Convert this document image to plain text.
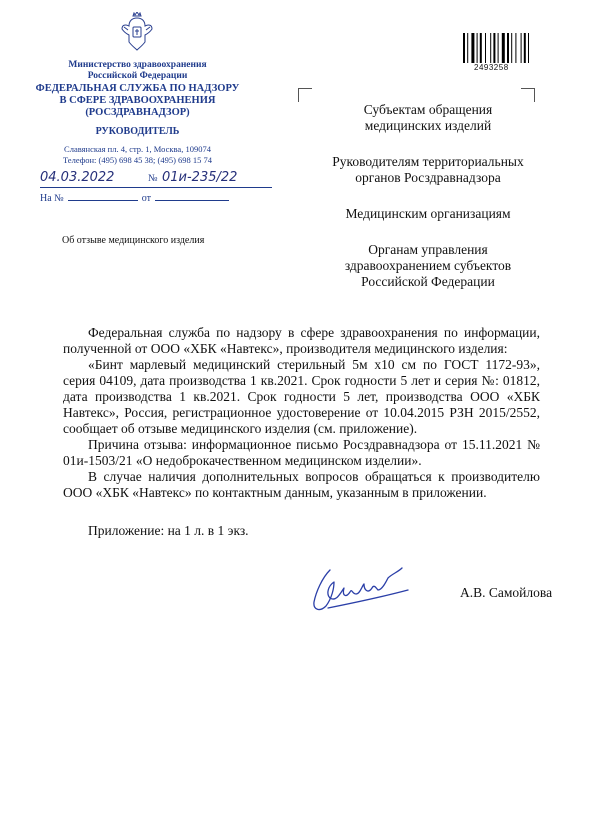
Министерство здравоохранения
Российской Федерации
ФЕДЕРАЛЬНАЯ СЛУЖБА ПО НАДЗОРУ
В СФЕРЕ ЗДРАВООХРАНЕНИЯ
(РОСЗДРАВНАДЗОР)
РУКОВОДИТЕЛЬ
Славянская пл. 4, стр. 1, Москва, 109074
Телефон: (495) 698 45 38; (495) 698 15 74
04.03.2022	№ 01и-235/22
На №	от
Об отзыве медицинского изделия
Субъектам обращения
медицинских изделий
Руководителям территориальных
органов Росздравнадзора
Медицинским организациям
Органам управления
здравоохранением субъектов
Российской Федерации
2493258

Федеральная служба по надзору в сфере здравоохранения по информации, полученной от ООО «ХБК «Навтекс», производителя медицинского изделия:

«Бинт марлевый медицинский стерильный 5м x10 см по ГОСТ 1172-93», серия 04109, дата производства 1 кв.2021. Срок годности 5 лет и серия №: 01812, дата производства 1 кв.2021. Срок годности 5 лет, производства ООО «ХБК Навтекс», Россия, регистрационное удостоверение от 10.04.2015 РЗН 2015/2552, сообщает об отзыве медицинского изделия (см. приложение).

Причина отзыва: информационное письмо Росздравнадзора от 15.11.2021 № 01и-1503/21 «О недоброкачественном медицинском изделии».

В случае наличия дополнительных вопросов обращаться к производителю ООО «ХБК «Навтекс» по контактным данным, указанным в приложении.

Приложение: на 1 л. в 1 экз.
А.В. Самойлова
